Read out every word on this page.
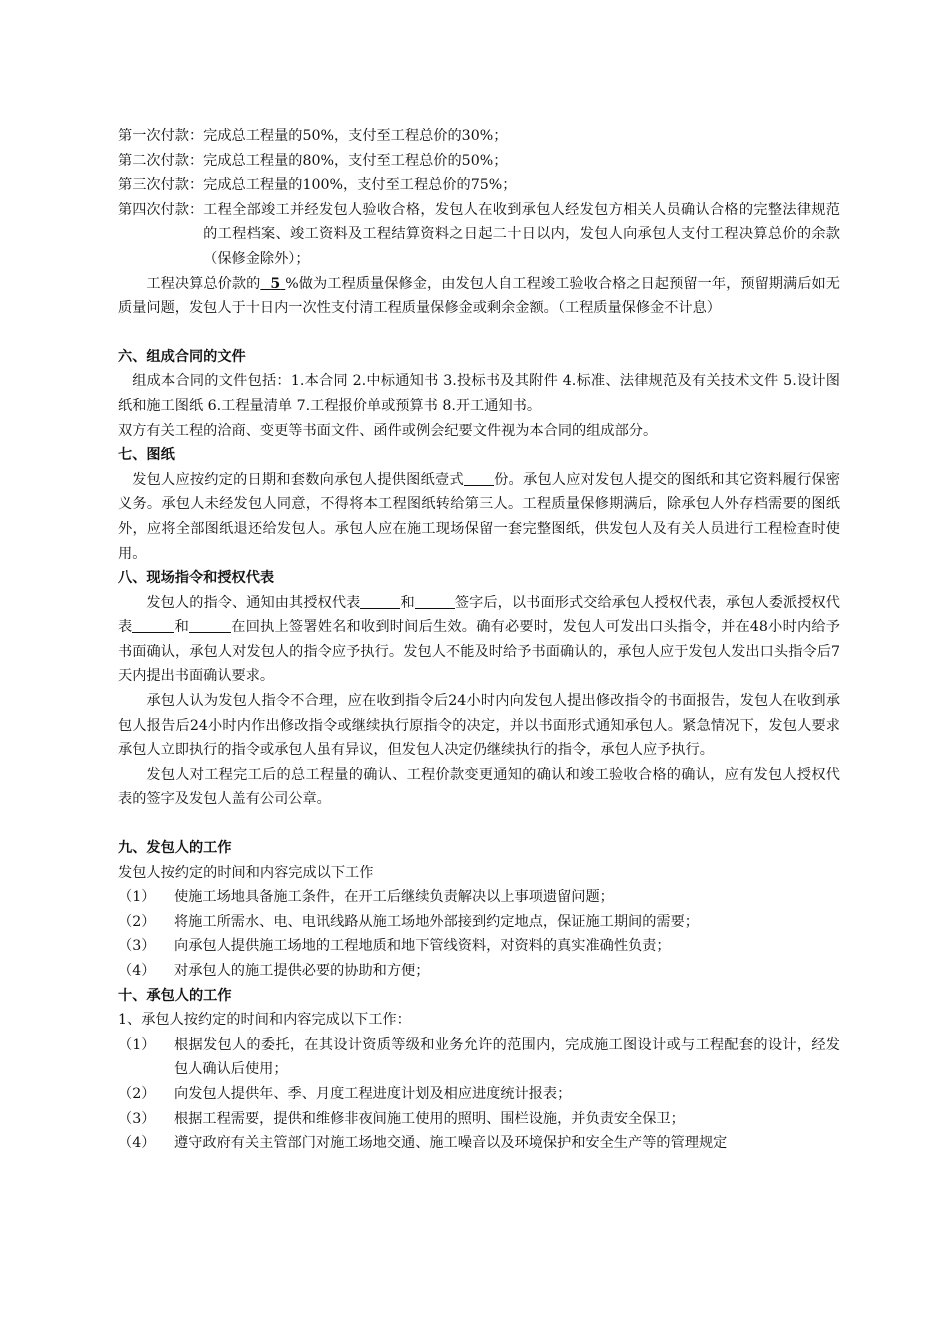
第一次付款： 完成总工程量的50%，支付至工程总价的30%；
第二次付款： 完成总工程量的80%，支付至工程总价的50%；
第三次付款： 完成总工程量的100%，支付至工程总价的75%；
第四次付款： 工程全部竣工并经发包人验收合格，发包人在收到承包人经发包方相关人员确认合格的完整法律规范的工程档案、竣工资料及工程结算资料之日起二十日以内，发包人向承包人支付工程决算总价的余款（保修金除外）；
工程决算总价款的 5 %做为工程质量保修金，由发包人自工程竣工验收合格之日起预留一年，预留期满后如无质量问题，发包人于十日内一次性支付清工程质量保修金或剩余金额。（工程质量保修金不计息）
六、组成合同的文件
组成本合同的文件包括：1.本合同 2.中标通知书 3.投标书及其附件 4.标准、法律规范及有关技术文件 5.设计图纸和施工图纸 6.工程量清单 7.工程报价单或预算书 8.开工通知书。
双方有关工程的洽商、变更等书面文件、函件或例会纪要文件视为本合同的组成部分。
七、图纸
发包人应按约定的日期和套数向承包人提供图纸壹式 份。承包人应对发包人提交的图纸和其它资料履行保密义务。承包人未经发包人同意，不得将本工程图纸转给第三人。工程质量保修期满后，除承包人外存档需要的图纸外，应将全部图纸退还给发包人。承包人应在施工现场保留一套完整图纸，供发包人及有关人员进行工程检查时使用。
八、现场指令和授权代表
发包人的指令、通知由其授权代表	和	签字后，以书面形式交给承包人授权代表，承包人委派授权代表	和	在回执上签署姓名和收到时间后生效。确有必要时，发包人可发出口头指令，并在48小时内给予书面确认，承包人对发包人的指令应予执行。发包人不能及时给予书面确认的，承包人应于发包人发出口头指令后7天内提出书面确认要求。
承包人认为发包人指令不合理，应在收到指令后24小时内向发包人提出修改指令的书面报告，发包人在收到承包人报告后24小时内作出修改指令或继续执行原指令的决定，并以书面形式通知承包人。紧急情况下，发包人要求承包人立即执行的指令或承包人虽有异议，但发包人决定仍继续执行的指令，承包人应予执行。
发包人对工程完工后的总工程量的确认、工程价款变更通知的确认和竣工验收合格的确认，应有发包人授权代表的签字及发包人盖有公司公章。
九、发包人的工作
发包人按约定的时间和内容完成以下工作
（1）	使施工场地具备施工条件，在开工后继续负责解决以上事项遗留问题；
（2）	将施工所需水、电、电讯线路从施工场地外部接到约定地点，保证施工期间的需要；
（3）	向承包人提供施工场地的工程地质和地下管线资料，对资料的真实准确性负责；
（4）	对承包人的施工提供必要的协助和方便；
十、承包人的工作
1、承包人按约定的时间和内容完成以下工作：
（1）	根据发包人的委托，在其设计资质等级和业务允许的范围内，完成施工图设计或与工程配套的设计，经发包人确认后使用；
（2）	向发包人提供年、季、月度工程进度计划及相应进度统计报表；
（3）	根据工程需要，提供和维修非夜间施工使用的照明、围栏设施，并负责安全保卫；
（4）	遵守政府有关主管部门对施工场地交通、施工噪音以及环境保护和安全生产等的管理规定
